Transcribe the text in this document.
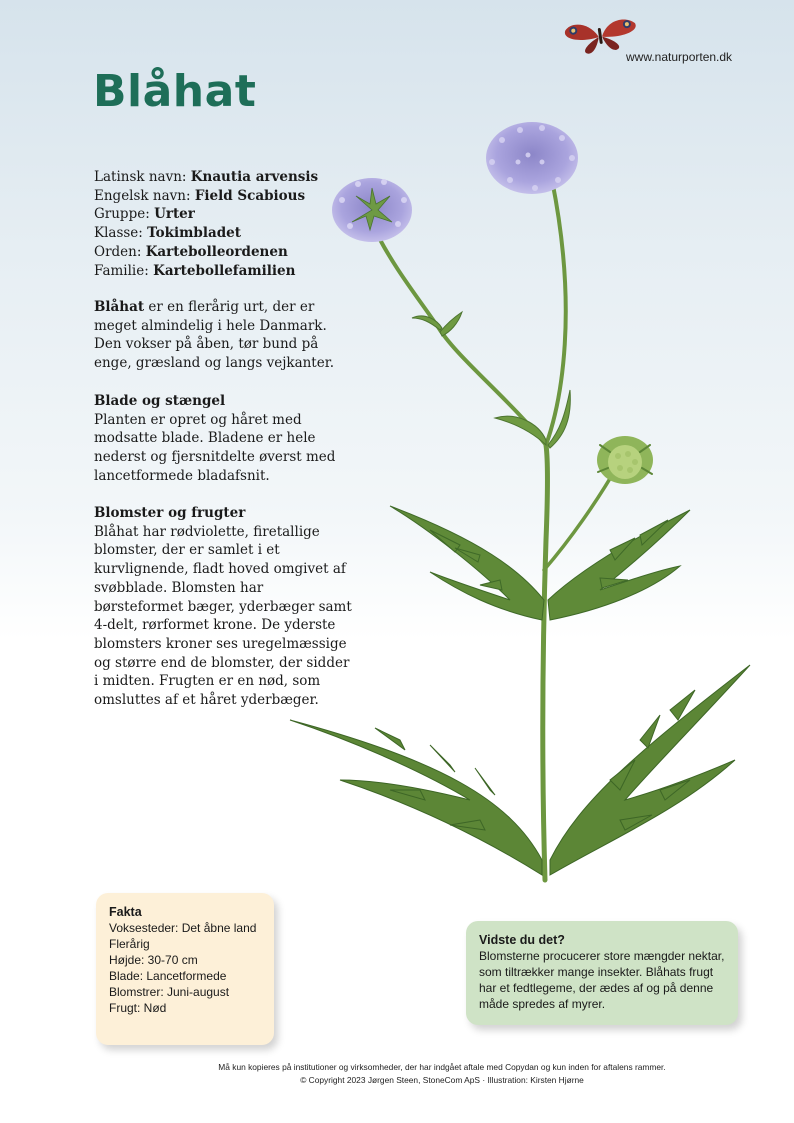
www.naturporten.dk
Blåhat
Latinsk navn: Knautia arvensis
Engelsk navn: Field Scabious
Gruppe: Urter
Klasse: Tokimbladet
Orden: Kartebolleordenen
Familie: Kartebollefamilien

Blåhat er en flerårig urt, der er meget almindelig i hele Danmark. Den vokser på åben, tør bund på enge, græsland og langs vejkanter.

Blade og stængel

Planten er opret og håret med modsatte blade. Bladene er hele nederst og fjersnitdelte øverst med lancetformede bladafsnit.

Blomster og frugter

Blåhat har rødviolette, firetallige blomster, der er samlet i et kurvlignende, fladt hoved omgivet af svøbblade. Blomsten har børsteformet bæger, yderbæger samt 4-delt, rørformet krone. De yderste blomsters kroner ses uregelmæssige og større end de blomster, der sidder i midten. Frugten er en nød, som omsluttes af et håret yderbæger.

Fakta
Voksesteder: Det åbne land
Flerårig
Højde: 30-70 cm
Blade: Lancetformede
Blomstrer: Juni-august
Frugt: Nød
Vidste du det?
Blomsterne procucerer store mængder nektar, som tiltrækker mange insekter. Blåhats frugt har et fedtlegeme, der ædes af og på denne måde spredes af myrer.
Må kun kopieres på institutioner og virksomheder, der har indgået aftale med Copydan og kun inden for aftalens rammer.
© Copyright 2023 Jørgen Steen, StoneCom ApS · Illustration: Kirsten Hjørne
